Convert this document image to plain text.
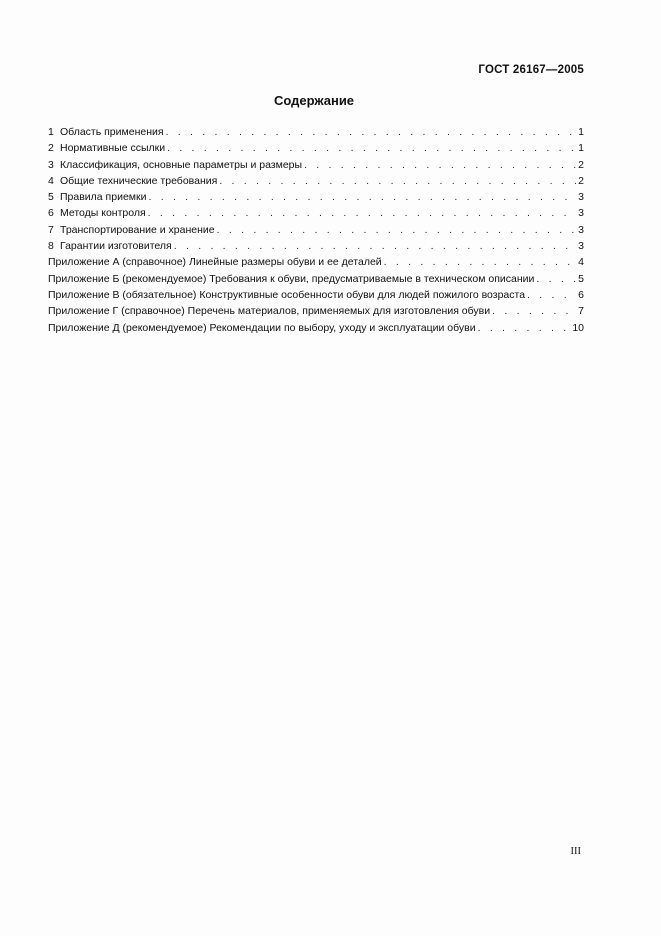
ГОСТ 26167—2005
Содержание
1 Область применения . . .	1
2 Нормативные ссылки . . .	1
3 Классификация, основные параметры и размеры . . .	2
4 Общие технические требования . . .	2
5 Правила приемки . . .	3
6 Методы контроля . . .	3
7 Транспортирование и хранение . . .	3
8 Гарантии изготовителя . . .	3
Приложение А (справочное) Линейные размеры обуви и ее деталей . . .	4
Приложение Б (рекомендуемое) Требования к обуви, предусматриваемые в техническом описании . . .	5
Приложение В (обязательное) Конструктивные особенности обуви для людей пожилого возраста . . .	6
Приложение Г (справочное) Перечень материалов, применяемых для изготовления обуви . . .	7
Приложение Д (рекомендуемое) Рекомендации по выбору, уходу и эксплуатации обуви . . .	10
III
